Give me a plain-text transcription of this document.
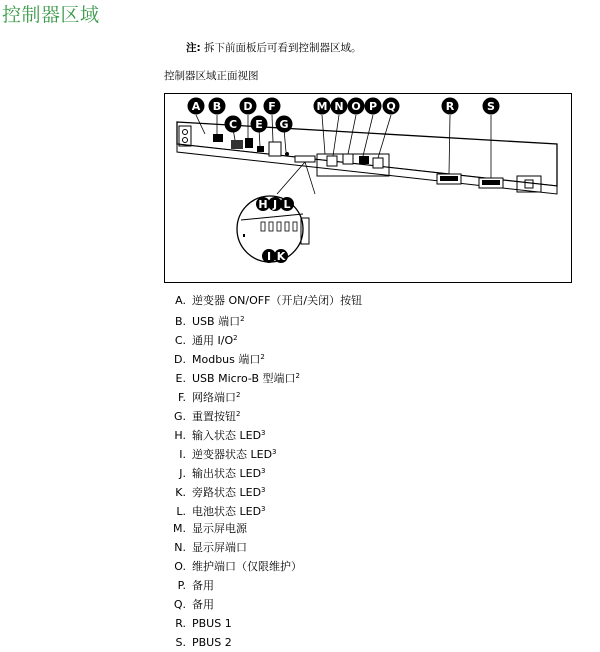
控制器区域
注: 拆下前面板后可看到控制器区域。
控制器区域正面视图
A B
C
D
E
F
G
M N O P Q	R	S
H J L
I K
A. 逆变器 ON/OFF（开启/关闭）按钮
B. USB 端口$^2$
C. 通用 $I/O^2$
D. Modbus 端口$^2$
E. USB Micro-B 型端口$^2$
F. 网络端口$^2$
G. 重置按钮$^2$
H. 输入状态 LED$^3$
I. 逆变器状态 LED$^3$
J. 输出状态 LED$^3$
K. 旁路状态 LED$^3$
L. 电池状态 LED$^3$
M. 显示屏电源
N. 显示屏端口
O. 维护端口（仅限维护）
P. 备用
Q. 备用
R. PBUS 1
S. PBUS 2
